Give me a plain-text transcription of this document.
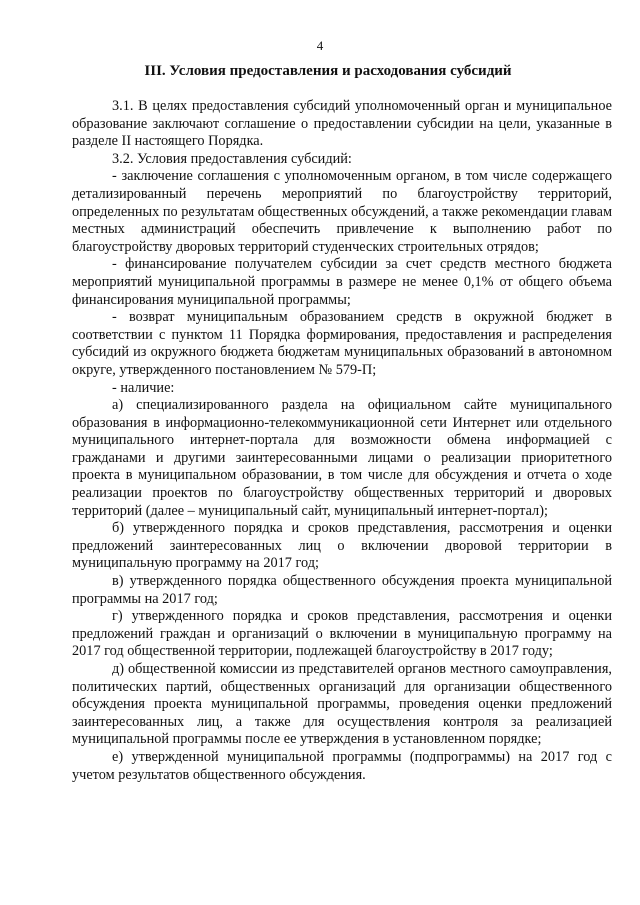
4
III. Условия предоставления и расходования субсидий

3.1. В целях предоставления субсидий уполномоченный орган и муниципальное образование заключают соглашение о предоставлении субсидии на цели, указанные в разделе II настоящего Порядка.

3.2. Условия предоставления субсидий:

- заключение соглашения с уполномоченным органом, в том числе содержащего детализированный перечень мероприятий по благоустройству территорий, определенных по результатам общественных обсуждений, а также рекомендации главам местных администраций обеспечить привлечение к выполнению работ по благоустройству дворовых территорий студенческих строительных отрядов;

- финансирование получателем субсидии за счет средств местного бюджета мероприятий муниципальной программы в размере не менее 0,1% от общего объема финансирования муниципальной программы;

- возврат муниципальным образованием средств в окружной бюджет в соответствии с пунктом 11 Порядка формирования, предоставления и распределения субсидий из окружного бюджета бюджетам муниципальных образований в автономном округе, утвержденного постановлением № 579-П;

- наличие:

а) специализированного раздела на официальном сайте муниципального образования в информационно-телекоммуникационной сети Интернет или отдельного муниципального интернет-портала для возможности обмена информацией с гражданами и другими заинтересованными лицами о реализации приоритетного проекта в муниципальном образовании, в том числе для обсуждения и отчета о ходе реализации проектов по благоустройству общественных территорий и дворовых территорий (далее – муниципальный сайт, муниципальный интернет-портал);

б) утвержденного порядка и сроков представления, рассмотрения и оценки предложений заинтересованных лиц о включении дворовой территории в муниципальную программу на 2017 год;

в) утвержденного порядка общественного обсуждения проекта муниципальной программы на 2017 год;

г) утвержденного порядка и сроков представления, рассмотрения и оценки предложений граждан и организаций о включении в муниципальную программу на 2017 год общественной территории, подлежащей благоустройству в 2017 году;

д) общественной комиссии из представителей органов местного самоуправления, политических партий, общественных организаций для организации общественного обсуждения проекта муниципальной программы, проведения оценки предложений заинтересованных лиц, а также для осуществления контроля за реализацией муниципальной программы после ее утверждения в установленном порядке;

е) утвержденной муниципальной программы (подпрограммы) на 2017 год с учетом результатов общественного обсуждения.
